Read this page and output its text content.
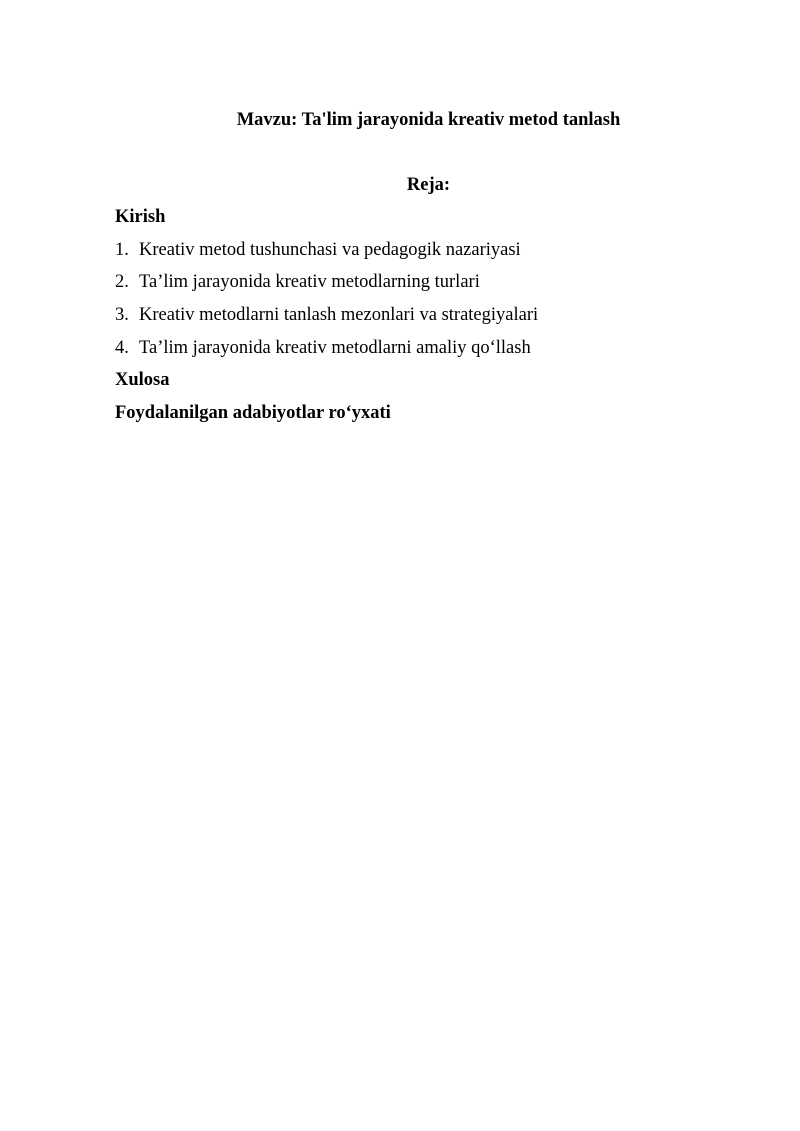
Mavzu: Ta'lim jarayonida kreativ metod tanlash
Reja:
Kirish
1. Kreativ metod tushunchasi va pedagogik nazariyasi
2. Ta’lim jarayonida kreativ metodlarning turlari
3. Kreativ metodlarni tanlash mezonlari va strategiyalari
4. Ta’lim jarayonida kreativ metodlarni amaliy qo‘llash
Xulosa
Foydalanilgan adabiyotlar ro‘yxati
